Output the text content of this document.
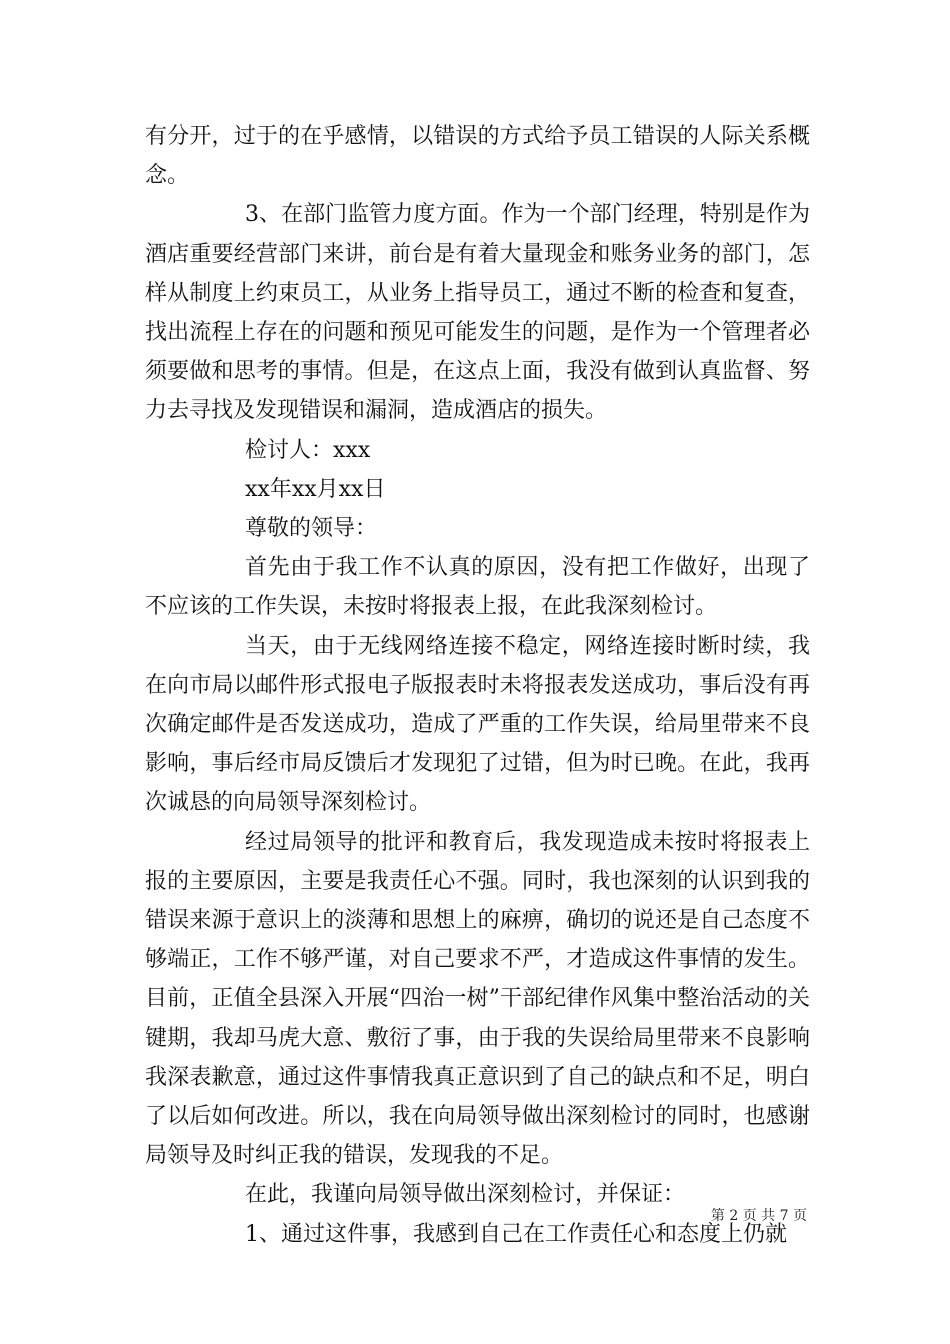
有分开，过于的在乎感情，以错误的方式给予员工错误的人际关系概念。

3、在部门监管力度方面。作为一个部门经理，特别是作为酒店重要经营部门来讲，前台是有着大量现金和账务业务的部门，怎样从制度上约束员工，从业务上指导员工，通过不断的检查和复查，找出流程上存在的问题和预见可能发生的问题，是作为一个管理者必须要做和思考的事情。但是，在这点上面，我没有做到认真监督、努力去寻找及发现错误和漏洞，造成酒店的损失。

检讨人：xxx

xx年xx月xx日

尊敬的领导：

首先由于我工作不认真的原因，没有把工作做好，出现了不应该的工作失误，未按时将报表上报，在此我深刻检讨。

当天，由于无线网络连接不稳定，网络连接时断时续，我在向市局以邮件形式报电子版报表时未将报表发送成功，事后没有再次确定邮件是否发送成功，造成了严重的工作失误，给局里带来不良影响，事后经市局反馈后才发现犯了过错，但为时已晚。在此，我再次诚恳的向局领导深刻检讨。

经过局领导的批评和教育后，我发现造成未按时将报表上报的主要原因，主要是我责任心不强。同时，我也深刻的认识到我的错误来源于意识上的淡薄和思想上的麻痹，确切的说还是自己态度不够端正，工作不够严谨，对自己要求不严，才造成这件事情的发生。目前，正值全县深入开展“四治一树”干部纪律作风集中整治活动的关键期，我却马虎大意、敷衍了事，由于我的失误给局里带来不良影响我深表歉意，通过这件事情我真正意识到了自己的缺点和不足，明白了以后如何改进。所以，我在向局领导做出深刻检讨的同时，也感谢局领导及时纠正我的错误，发现我的不足。

在此，我谨向局领导做出深刻检讨，并保证：

1、通过这件事，我感到自己在工作责任心和态度上仍就

第 2 页 共 7 页
